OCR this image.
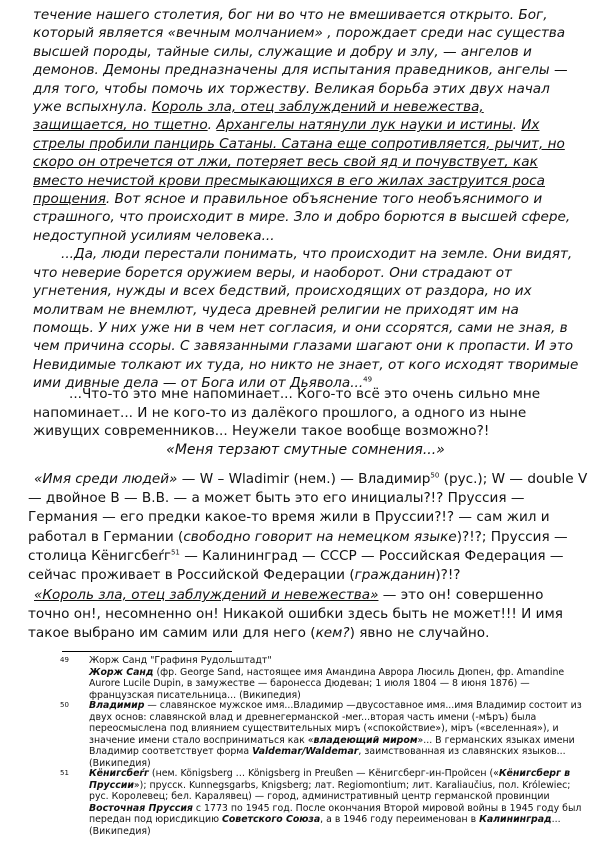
течение нашего столетия, бог ни во что не вмешивается открыто. Бог, который является «вечным молчанием» , порождает среди нас существа высшей породы, тайные силы, служащие и добру и злу, — ангелов и демонов. Демоны предназначены для испытания праведников, ангелы — для того, чтобы помочь их торжеству. Великая борьба этих двух начал уже вспыхнула. Король зла, отец заблуждений и невежества, защищается, но тщетно. Архангелы натянули лук науки и истины. Их стрелы пробили панцирь Сатаны. Сатана еще сопротивляется, рычит, но скоро он отречется от лжи, потеряет весь свой яд и почувствует, как вместо нечистой крови пресмыкающихся в его жилах заструится роса прощения. Вот ясное и правильное объяснение того необъяснимого и страшного, что происходит в мире. Зло и добро борются в высшей сфере, недоступной усилиям человека...

...Да, люди перестали понимать, что происходит на земле. Они видят, что неверие борется оружием веры, и наоборот. Они страдают от угнетения, нужды и всех бедствий, происходящих от раздора, но их молитвам не внемлют, чудеса древней религии не приходят им на помощь. У них уже ни в чем нет согласия, и они ссорятся, сами не зная, в чем причина ссоры. С завязанными глазами шагают они к пропасти. И это Невидимые толкают их туда, но никто не знает, от кого исходят творимые ими дивные дела — от Бога или от Дьявола...$^{49}$

...Что-то это мне напоминает... Кого-то всё это очень сильно мне напоминает... И не кого-то из далёкого прошлого, а одного из ныне живущих современников... Неужели такое вообще возможно?!
«Меня терзают смутные сомнения...»
«Имя среди людей» — W – Wladimir (нем.) — Владимир$^{50}$ (рус.); W — double V — двойное В — В.В. — а может быть это его инициалы?!? Пруссия — Германия — его предки какое-то время жили в Пруссии?!? — сам жил и работал в Германии (свободно говорит на немецком языке)?!?; Пруссия — столица Кёнигсбеŕг$^{51}$ — Калининград — СССР — Российская Федерация — сейчас проживает в Российской Федерации (гражданин)?!?
«Король зла, отец заблуждений и невежества» — это он! совершенно точно он!, несомненно он! Никакой ошибки здесь быть не может!!! И имя такое выбрано им самим или для него (кем?) явно не случайно.
49 Жорж Санд "Графиня Рудольштадт"
Жорж Санд (фр. George Sand, настоящее имя Амандина Аврора Люсиль Дюпен, фр. Amandine Aurore Lucile Dupin, в замужестве — баронесса Дюдеван; 1 июля 1804 — 8 июня 1876) — французская писательница... (Википедия)
50 Владимир — славянское мужское имя...Владимир —двусоставное имя...имя Владимир состоит из двух основ: славянской влад и древнегерманской -мer...вторая часть имени (-мѣръ) была переосмыслена под влиянием существительных миръ («спокойствие»), мiръ («вселенная»), и значение имени стало восприниматься как «владеющий миром»... В германских языках имени Владимир соответствует форма Valdemar/Waldemar, заимствованная из славянских языков... (Википедия)
51 Кёнигсбеŕг (нем. Königsberg … Königsberg in Preußen — Кёнигсберг-ин-Пройсен («Кёнигсберг в Пруссии»); прусск. Kunnegsgarbs, Knigsberg; лат. Regiomontium; лит. Karaliaučius, пол. Królewiec; рус. Королевец; бел. Каралявец) — город, административный центр германской провинции Восточная Пруссия с 1773 по 1945 год. После окончания Второй мировой войны в 1945 году был передан под юрисдикцию Советского Союза, а в 1946 году переименован в Калининград... (Википедия)
